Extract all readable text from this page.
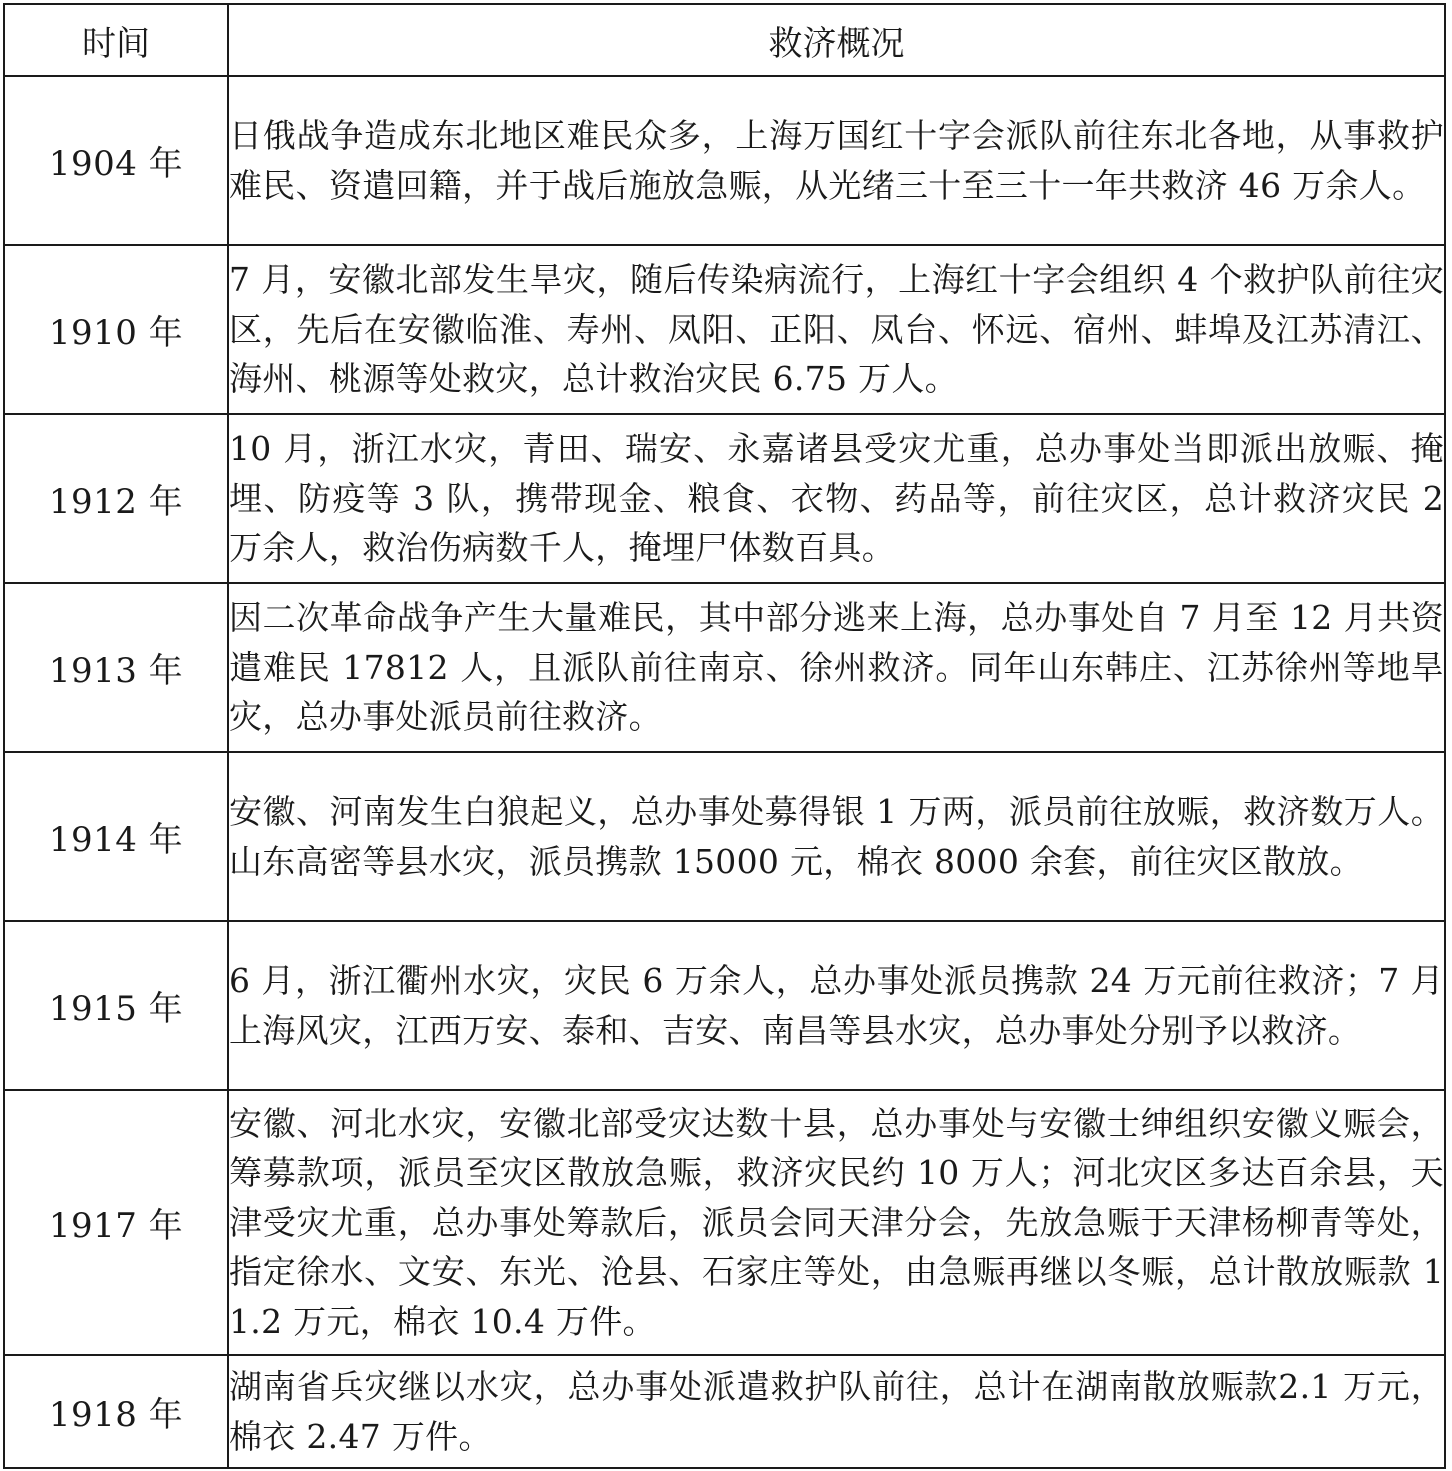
时间	救济概况
1904 年	日俄战争造成东北地区难民众多，上海万国红十字会派队前往东北各地，从事救护难民、资遣回籍，并于战后施放急赈，从光绪三十至三十一年共救济 46 万余人。
1910 年	7 月，安徽北部发生旱灾，随后传染病流行，上海红十字会组织 4 个救护队前往灾区，先后在安徽临淮、寿州、凤阳、正阳、凤台、怀远、宿州、蚌埠及江苏清江、海州、桃源等处救灾，总计救治灾民 6.75 万人。
1912 年	10 月，浙江水灾，青田、瑞安、永嘉诸县受灾尤重，总办事处当即派出放赈、掩埋、防疫等 3 队，携带现金、粮食、衣物、药品等，前往灾区，总计救济灾民 2 万余人，救治伤病数千人，掩埋尸体数百具。
1913 年	因二次革命战争产生大量难民，其中部分逃来上海，总办事处自 7 月至 12 月共资遣难民 17812 人，且派队前往南京、徐州救济。同年山东韩庄、江苏徐州等地旱灾，总办事处派员前往救济。
1914 年	安徽、河南发生白狼起义，总办事处募得银 1 万两，派员前往放赈，救济数万人。山东高密等县水灾，派员携款 15000 元，棉衣 8000 余套，前往灾区散放。
1915 年	6 月，浙江衢州水灾，灾民 6 万余人，总办事处派员携款 24 万元前往救济；7 月上海风灾，江西万安、泰和、吉安、南昌等县水灾，总办事处分别予以救济。
1917 年	安徽、河北水灾，安徽北部受灾达数十县，总办事处与安徽士绅组织安徽义赈会，筹募款项，派员至灾区散放急赈，救济灾民约 10 万人；河北灾区多达百余县，天津受灾尤重，总办事处筹款后，派员会同天津分会，先放急赈于天津杨柳青等处，指定徐水、文安、东光、沧县、石家庄等处，由急赈再继以冬赈，总计散放赈款 11.2 万元，棉衣 10.4 万件。
1918 年	湖南省兵灾继以水灾，总办事处派遣救护队前往，总计在湖南散放赈款2.1 万元，棉衣 2.47 万件。
